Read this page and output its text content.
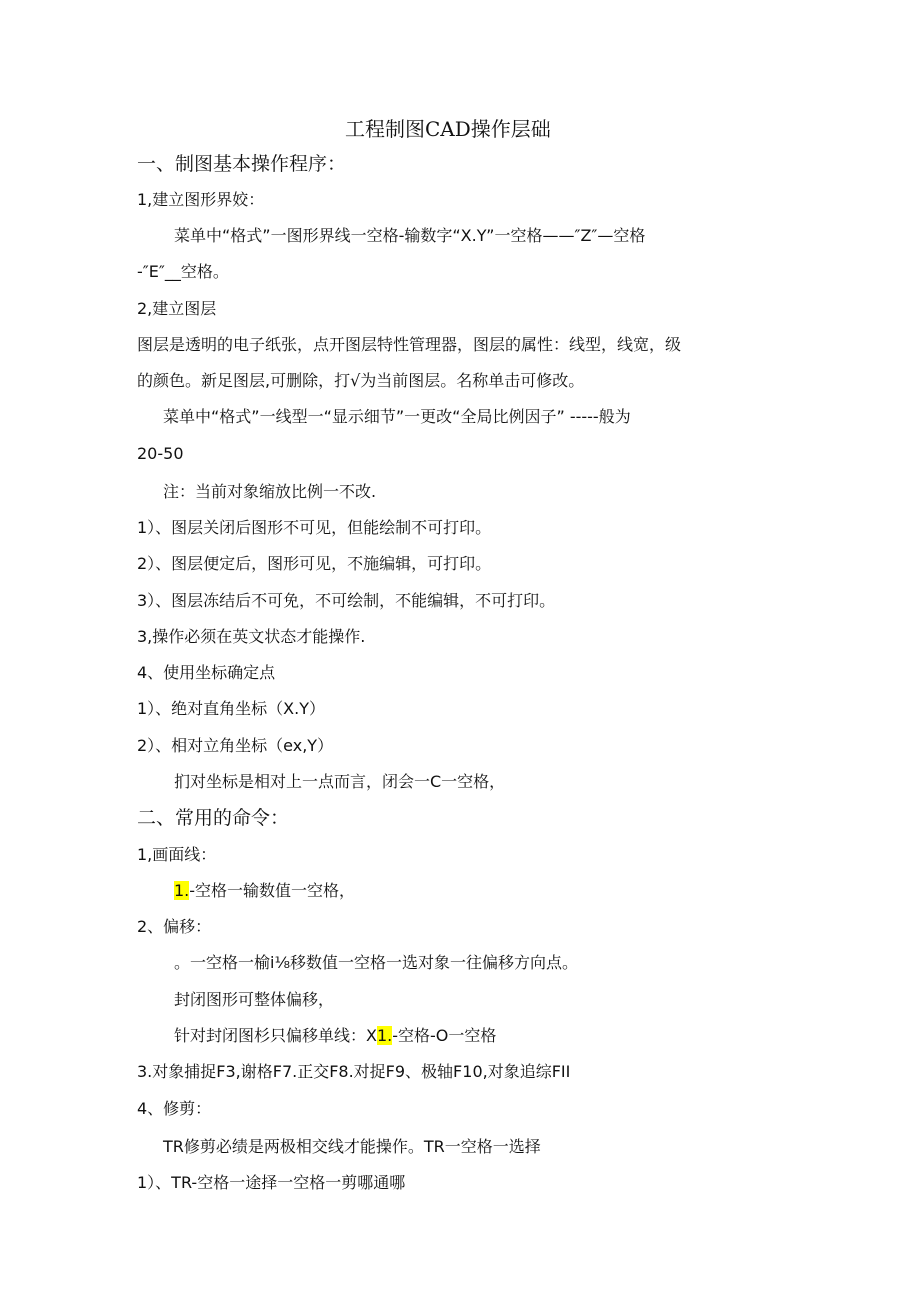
工程制图CAD操作层础
一、制图基本操作程序：
1,建立图形界姣：
菜单中“格式”一图形界线一空格-输数字“X.Y”一空格——″Z″—空格
-″E″__空格。
2,建立图层
图层是透明的电子纸张，点开图层特性管理器，图层的属性：线型，线宽，级
的颜色。新足图层,可删除，打√为当前图层。名称单击可修改。
菜单中“格式”一线型一“显示细节”一更改“全局比例因子” -----般为
20-50
注：当前对象缩放比例一不改.
1）、图层关闭后图形不可见，但能绘制不可打印。
2）、图层便定后，图形可见，不施编辑，可打印。
3）、图层冻结后不可免，不可绘制，不能编辑，不可打印。
3,操作必须在英文状态才能操作.
4、使用坐标确定点
1）、绝对直角坐标（X.Y）
2）、相对立角坐标（ex,Y）
扪对坐标是相对上一点而言，闭会一C一空格，
二、常用的命令：
1,画面线：
1.-空格一输数值一空格，
2、偏移：
。一空格一榆i⅛移数值一空格一选对象一往偏移方向点。
封闭图形可整体偏移，
针对封闭图杉只偏移单线：X1.-空格-O一空格
3.对象捕捉F3,谢格F7.正交F8.对捉F9、极轴F10,对象追综FII
4、修剪：
TR修剪必绩是两极相交线才能操作。TR一空格一选择
1）、TR-空格一途择一空格一剪哪通哪
